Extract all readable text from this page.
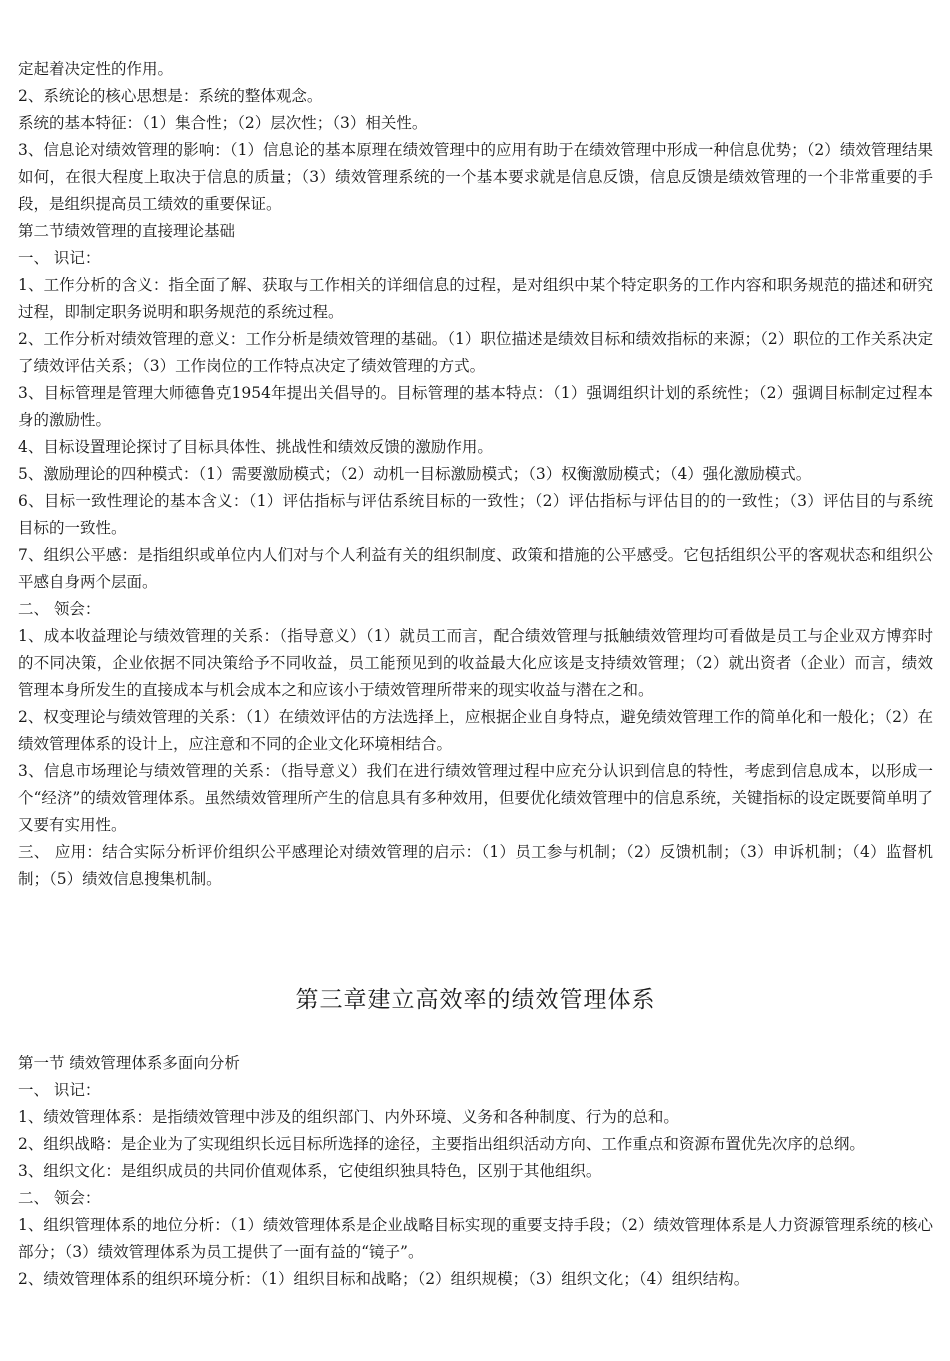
定起着决定性的作用。

2、系统论的核心思想是：系统的整体观念。

系统的基本特征：（1）集合性；（2）层次性；（3）相关性。

3、信息论对绩效管理的影响：（1）信息论的基本原理在绩效管理中的应用有助于在绩效管理中形成一种信息优势；（2）绩效管理结果如何，在很大程度上取决于信息的质量；（3）绩效管理系统的一个基本要求就是信息反馈，信息反馈是绩效管理的一个非常重要的手段，是组织提高员工绩效的重要保证。

第二节绩效管理的直接理论基础

一、 识记：

1、工作分析的含义：指全面了解、获取与工作相关的详细信息的过程，是对组织中某个特定职务的工作内容和职务规范的描述和研究过程，即制定职务说明和职务规范的系统过程。

2、工作分析对绩效管理的意义：工作分析是绩效管理的基础。（1）职位描述是绩效目标和绩效指标的来源；（2）职位的工作关系决定了绩效评估关系；（3）工作岗位的工作特点决定了绩效管理的方式。

3、目标管理是管理大师德鲁克1954年提出关倡导的。目标管理的基本特点：（1）强调组织计划的系统性；（2）强调目标制定过程本身的激励性。

4、目标设置理论探讨了目标具体性、挑战性和绩效反馈的激励作用。

5、激励理论的四种模式：（1）需要激励模式；（2）动机一目标激励模式；（3）权衡激励模式；（4）强化激励模式。

6、目标一致性理论的基本含义：（1）评估指标与评估系统目标的一致性；（2）评估指标与评估目的的一致性；（3）评估目的与系统目标的一致性。

7、组织公平感：是指组织或单位内人们对与个人利益有关的组织制度、政策和措施的公平感受。它包括组织公平的客观状态和组织公平感自身两个层面。

二、 领会：

1、成本收益理论与绩效管理的关系：（指导意义）（1）就员工而言，配合绩效管理与抵触绩效管理均可看做是员工与企业双方博弈时的不同决策，企业依据不同决策给予不同收益，员工能预见到的收益最大化应该是支持绩效管理；（2）就出资者（企业）而言，绩效管理本身所发生的直接成本与机会成本之和应该小于绩效管理所带来的现实收益与潜在之和。

2、权变理论与绩效管理的关系：（1）在绩效评估的方法选择上，应根据企业自身特点，避免绩效管理工作的简单化和一般化；（2）在绩效管理体系的设计上，应注意和不同的企业文化环境相结合。

3、信息市场理论与绩效管理的关系：（指导意义）我们在进行绩效管理过程中应充分认识到信息的特性，考虑到信息成本，以形成一个“经济”的绩效管理体系。虽然绩效管理所产生的信息具有多种效用，但要优化绩效管理中的信息系统，关键指标的设定既要简单明了又要有实用性。

三、 应用：结合实际分析评价组织公平感理论对绩效管理的启示：（1）员工参与机制；（2）反馈机制；（3）申诉机制；（4）监督机制；（5）绩效信息搜集机制。

第三章建立高效率的绩效管理体系

第一节 绩效管理体系多面向分析

一、 识记：

1、绩效管理体系：是指绩效管理中涉及的组织部门、内外环境、义务和各种制度、行为的总和。

2、组织战略：是企业为了实现组织长远目标所选择的途径，主要指出组织活动方向、工作重点和资源布置优先次序的总纲。

3、组织文化：是组织成员的共同价值观体系，它使组织独具特色，区别于其他组织。

二、 领会：

1、组织管理体系的地位分析：（1）绩效管理体系是企业战略目标实现的重要支持手段；（2）绩效管理体系是人力资源管理系统的核心部分；（3）绩效管理体系为员工提供了一面有益的“镜子”。

2、绩效管理体系的组织环境分析：（1）组织目标和战略；（2）组织规模；（3）组织文化；（4）组织结构。
